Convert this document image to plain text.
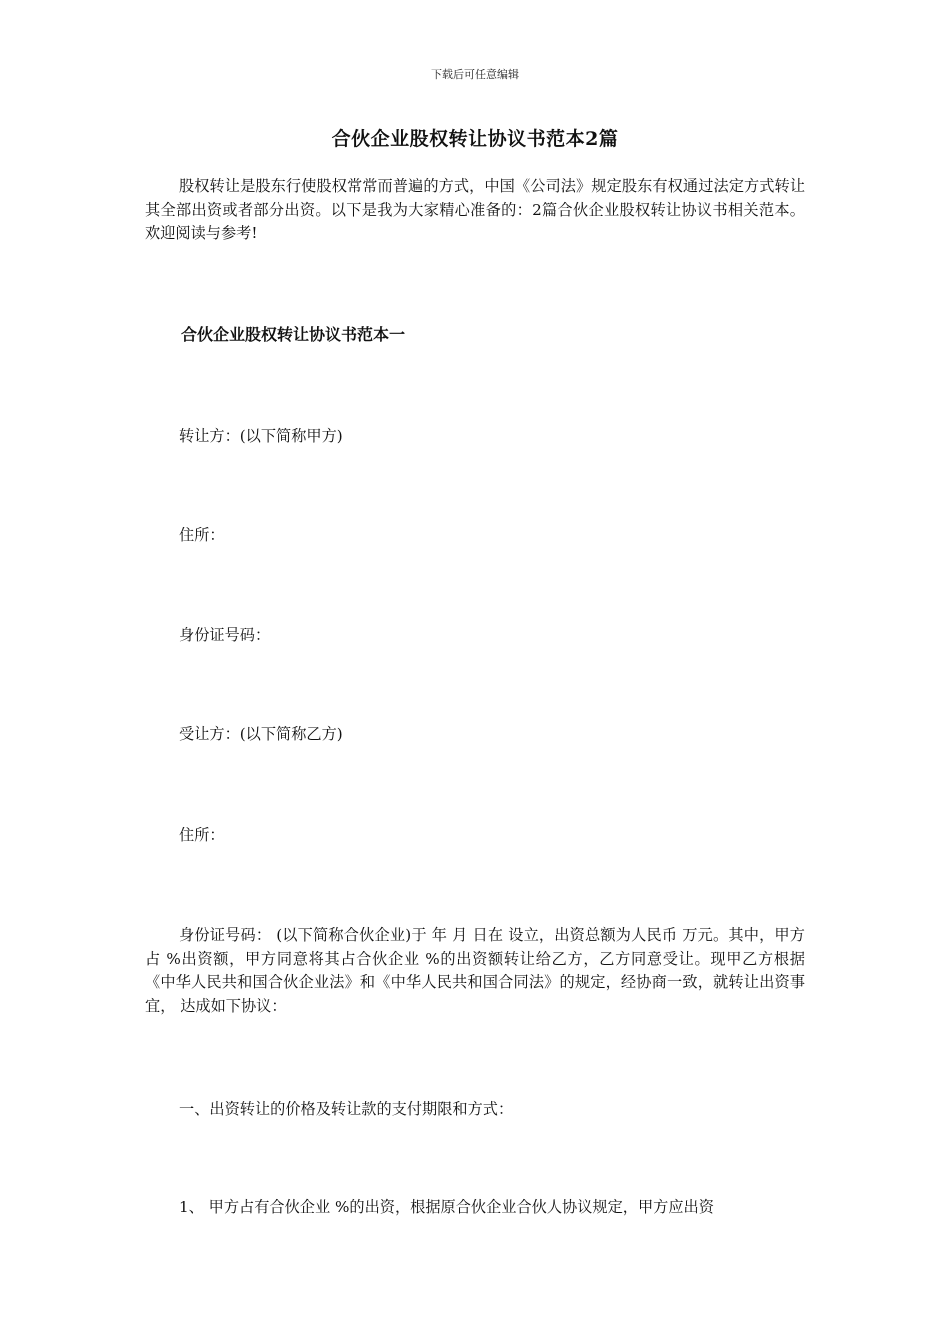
下载后可任意编辑
合伙企业股权转让协议书范本2篇
股权转让是股东行使股权常常而普遍的方式，中国《公司法》规定股东有权通过法定方式转让其全部出资或者部分出资。以下是我为大家精心准备的：2篇合伙企业股权转让协议书相关范本。欢迎阅读与参考!
合伙企业股权转让协议书范本一
转让方：(以下简称甲方)
住所：
身份证号码：
受让方：(以下简称乙方)
住所：
身份证号码： (以下简称合伙企业)于 年 月 日在 设立，出资总额为人民币 万元。其中，甲方占 %出资额，甲方同意将其占合伙企业 %的出资额转让给乙方，乙方同意受让。现甲乙方根据《中华人民共和国合伙企业法》和《中华人民共和国合同法》的规定，经协商一致，就转让出资事宜， 达成如下协议：
一、出资转让的价格及转让款的支付期限和方式：
1、 甲方占有合伙企业 %的出资，根据原合伙企业合伙人协议规定，甲方应出资
